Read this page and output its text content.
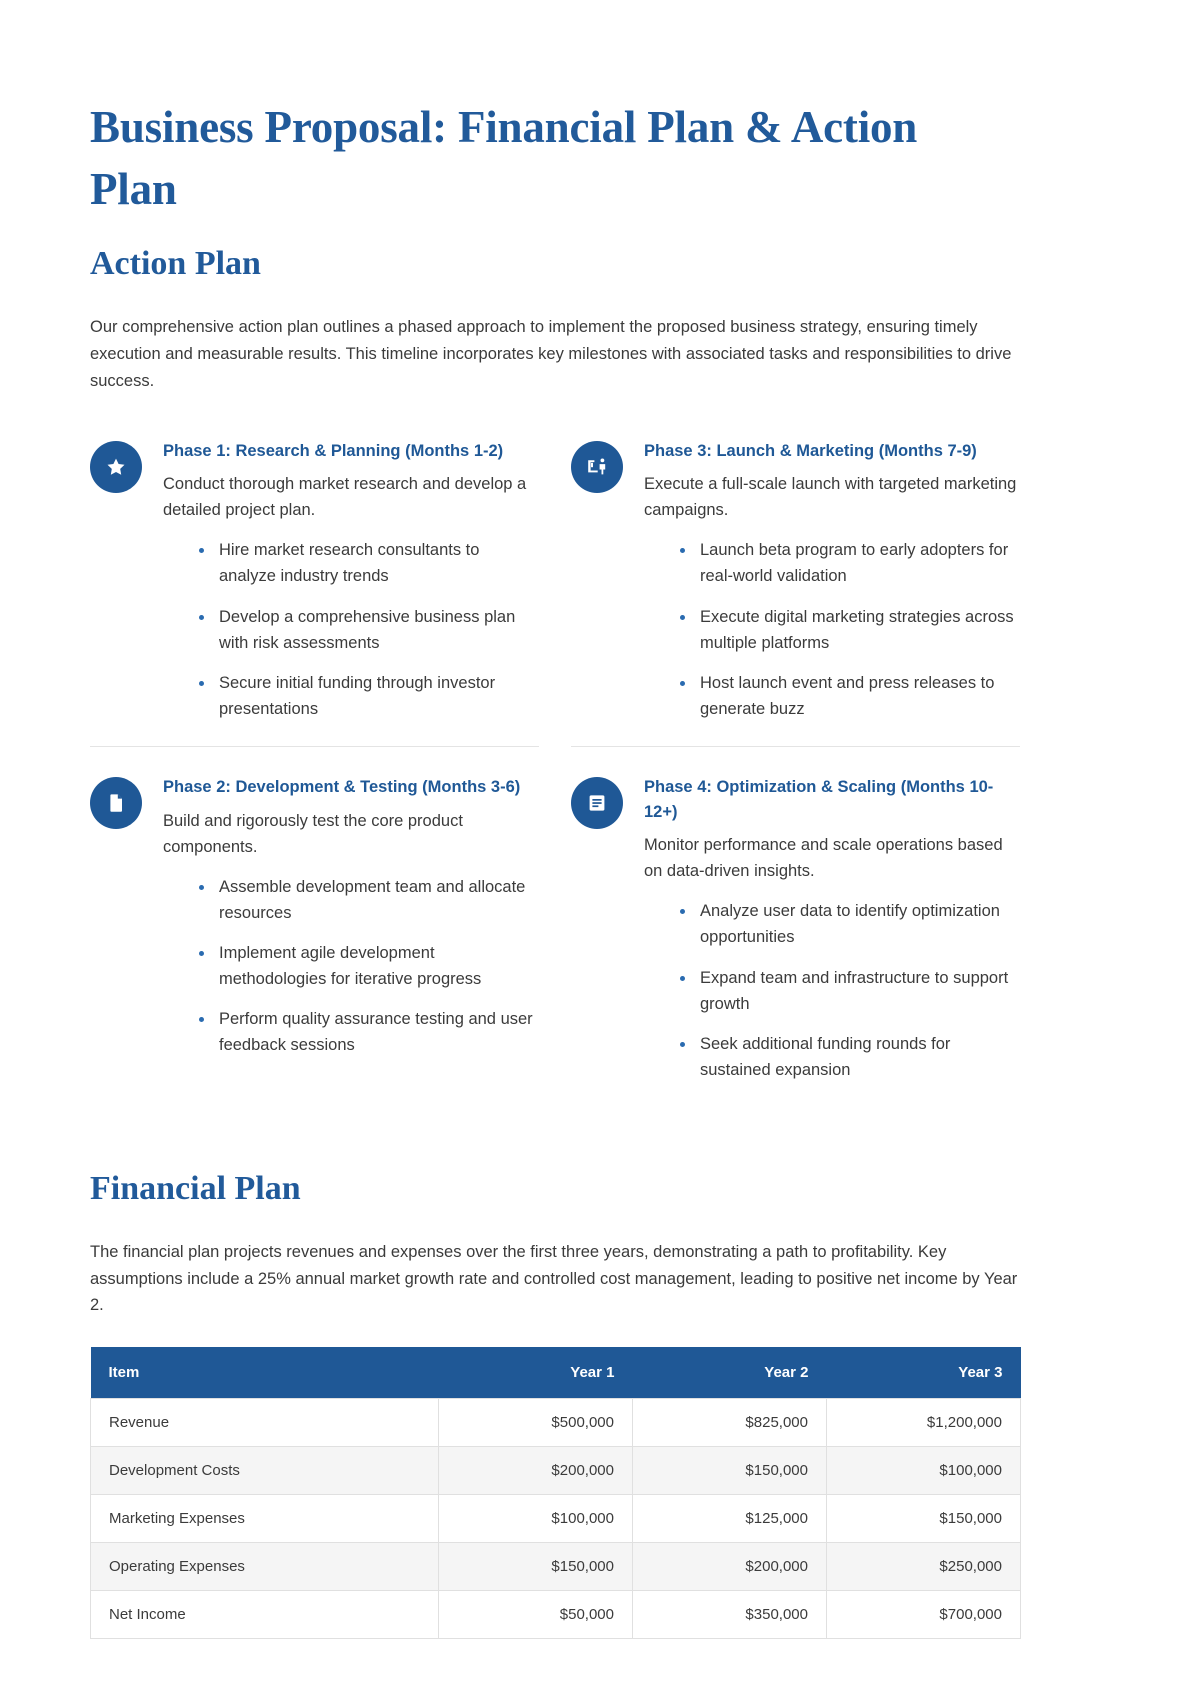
Business Proposal: Financial Plan & Action Plan
Action Plan

Our comprehensive action plan outlines a phased approach to implement the proposed business strategy, ensuring timely execution and measurable results. This timeline incorporates key milestones with associated tasks and responsibilities to drive success.

Phase 1: Research & Planning (Months 1-2)

Conduct thorough market research and develop a detailed project plan.

Hire market research consultants to analyze industry trends
Develop a comprehensive business plan with risk assessments
Secure initial funding through investor presentations
Phase 3: Launch & Marketing (Months 7-9)

Execute a full-scale launch with targeted marketing campaigns.

Launch beta program to early adopters for real-world validation
Execute digital marketing strategies across multiple platforms
Host launch event and press releases to generate buzz
Phase 2: Development & Testing (Months 3-6)

Build and rigorously test the core product components.

Assemble development team and allocate resources
Implement agile development methodologies for iterative progress
Perform quality assurance testing and user feedback sessions
Phase 4: Optimization & Scaling (Months 10-12+)

Monitor performance and scale operations based on data-driven insights.

Analyze user data to identify optimization opportunities
Expand team and infrastructure to support growth
Seek additional funding rounds for sustained expansion
Financial Plan

The financial plan projects revenues and expenses over the first three years, demonstrating a path to profitability. Key assumptions include a 25% annual market growth rate and controlled cost management, leading to positive net income by Year 2.

Item	Year 1	Year 2	Year 3
Revenue	$500,000	$825,000	$1,200,000
Development Costs	$200,000	$150,000	$100,000
Marketing Expenses	$100,000	$125,000	$150,000
Operating Expenses	$150,000	$200,000	$250,000
Net Income	$50,000	$350,000	$700,000
